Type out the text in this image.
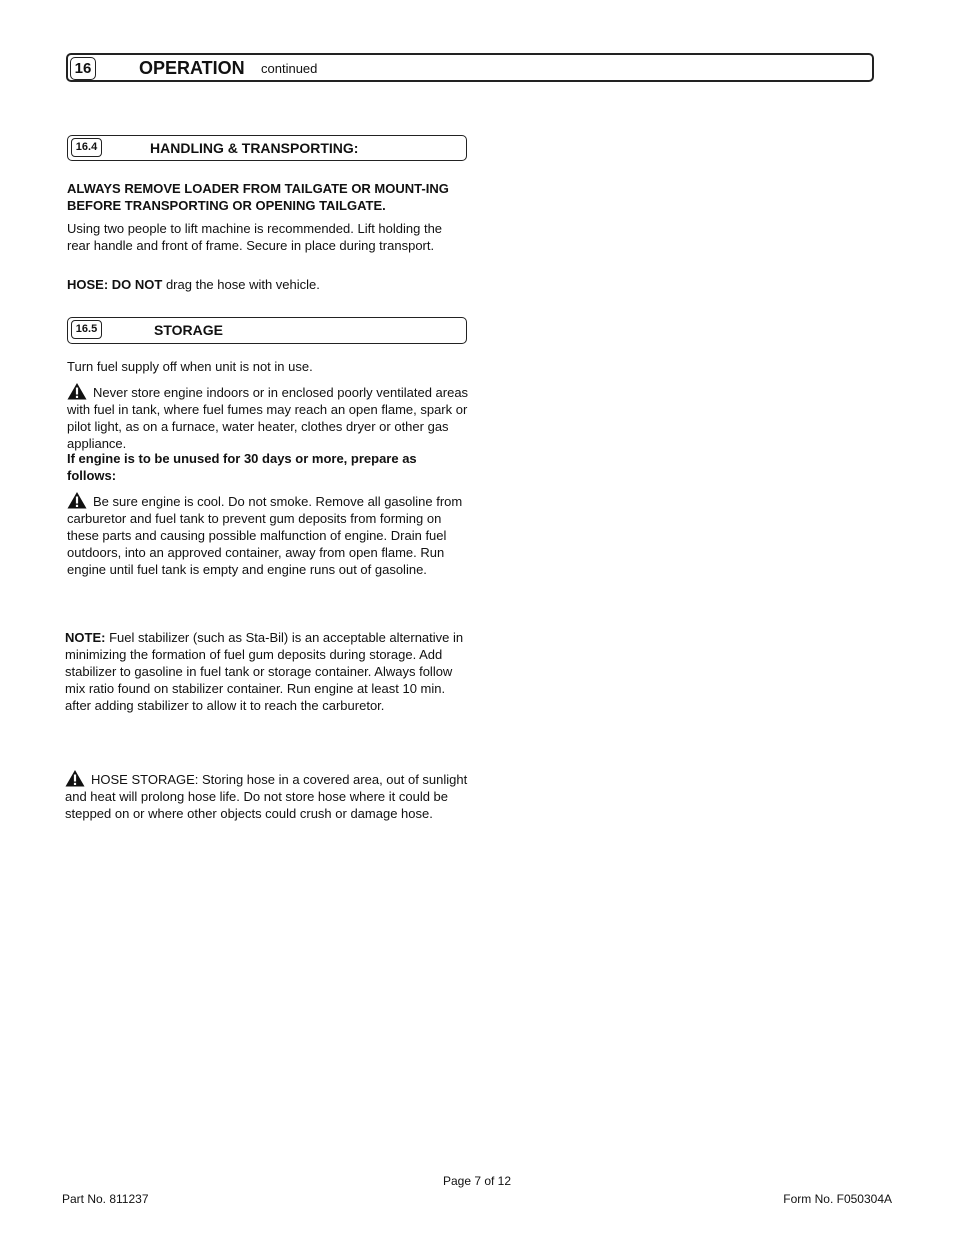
16	OPERATION continued
16.4	HANDLING & TRANSPORTING:
ALWAYS REMOVE LOADER FROM TAILGATE OR MOUNT-ING BEFORE TRANSPORTING OR OPENING TAILGATE.
Using two people to lift machine is recommended. Lift holding the rear handle and front of frame. Secure in place during transport.
HOSE: DO NOT drag the hose with vehicle.
16.5	STORAGE
Turn fuel supply off when unit is not in use.
Never store engine indoors or in enclosed poorly ventilated areas with fuel in tank, where fuel fumes may reach an open flame, spark or pilot light, as on a furnace, water heater, clothes dryer or other gas appliance.
If engine is to be unused for 30 days or more, prepare as follows:
Be sure engine is cool. Do not smoke. Remove all gasoline from carburetor and fuel tank to prevent gum deposits from forming on these parts and causing possible malfunction of engine. Drain fuel outdoors, into an approved container, away from open flame. Run engine until fuel tank is empty and engine runs out of gasoline.
NOTE: Fuel stabilizer (such as Sta-Bil) is an acceptable alternative in minimizing the formation of fuel gum deposits during storage. Add stabilizer to gasoline in fuel tank or storage container. Always follow mix ratio found on stabilizer container. Run engine at least 10 min. after adding stabilizer to allow it to reach the carburetor.
HOSE STORAGE: Storing hose in a covered area, out of sunlight and heat will prolong hose life. Do not store hose where it could be stepped on or where other objects could crush or damage hose.
Page 7 of 12
Part No. 811237	Form No. F050304A
